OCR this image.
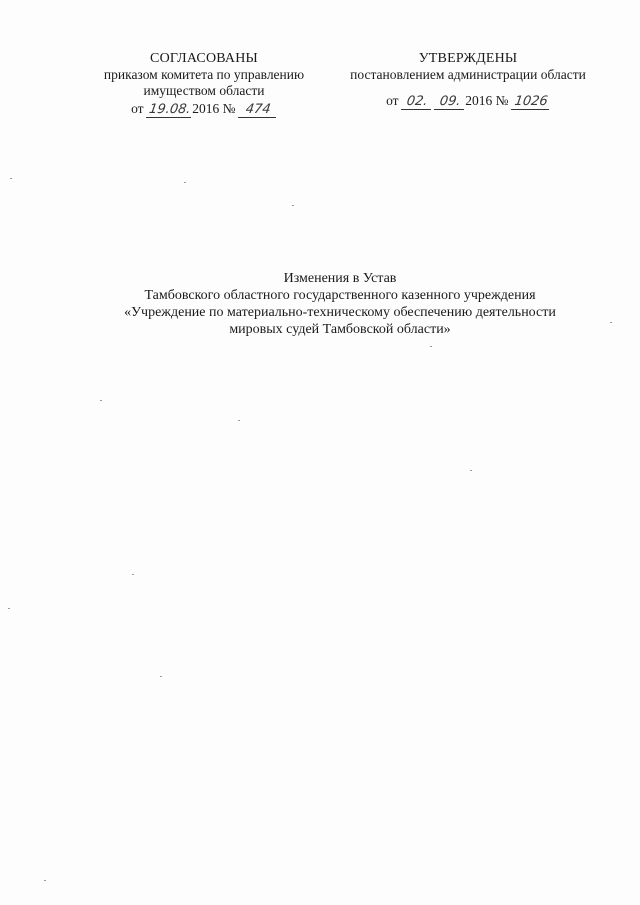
СОГЛАСОВАНЫ
приказом комитета по управлению
имуществом области
от 19.08.2016 № 474
УТВЕРЖДЕНЫ
постановлением администрации области
от 02. 09. 2016 № 1026
Изменения в Устав
Тамбовского областного государственного казенного учреждения
«Учреждение по материально-техническому обеспечению деятельности
мировых судей Тамбовской области»
